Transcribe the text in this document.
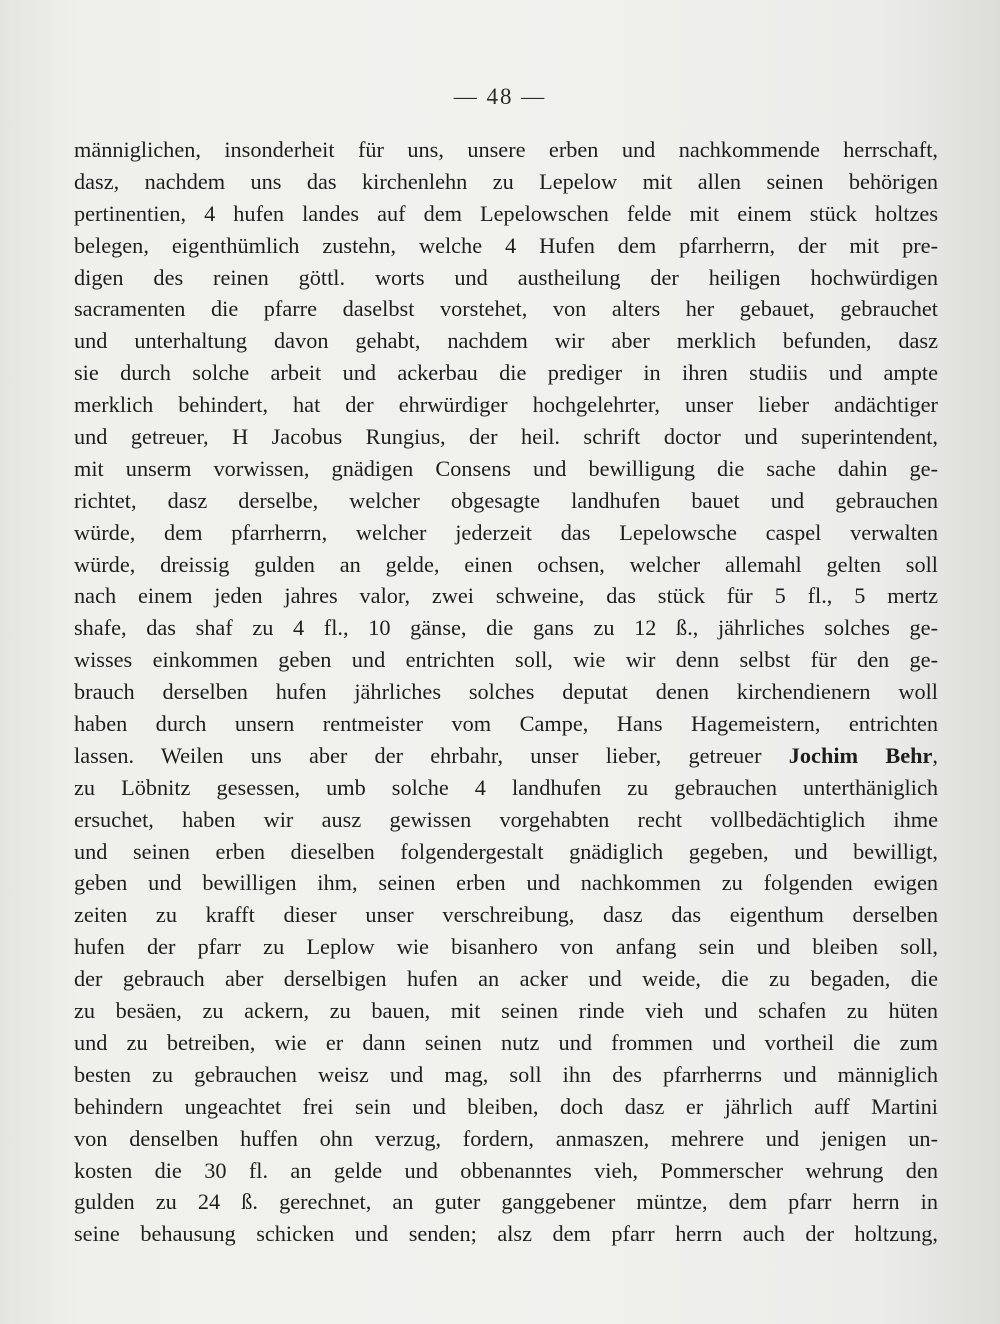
— 48 —
männiglichen, insonderheit für uns, unsere erben und nachkommende herrschaft,
dasz, nachdem uns das kirchenlehn zu Lepelow mit allen seinen behörigen
pertinentien, 4 hufen landes auf dem Lepelowschen felde mit einem stück holtzes
belegen, eigenthümlich zustehn, welche 4 Hufen dem pfarrherrn, der mit pre-
digen des reinen göttl. worts und austheilung der heiligen hochwürdigen
sacramenten die pfarre daselbst vorstehet, von alters her gebauet, gebrauchet
und unterhaltung davon gehabt, nachdem wir aber merklich befunden, dasz
sie durch solche arbeit und ackerbau die prediger in ihren studiis und ampte
merklich behindert, hat der ehrwürdiger hochgelehrter, unser lieber andächtiger
und getreuer, H Jacobus Rungius, der heil. schrift doctor und superintendent,
mit unserm vorwissen, gnädigen Consens und bewilligung die sache dahin ge-
richtet, dasz derselbe, welcher obgesagte landhufen bauet und gebrauchen
würde, dem pfarrherrn, welcher jederzeit das Lepelowsche caspel verwalten
würde, dreissig gulden an gelde, einen ochsen, welcher allemahl gelten soll
nach einem jeden jahres valor, zwei schweine, das stück für 5 fl., 5 mertz
shafe, das shaf zu 4 fl., 10 gänse, die gans zu 12 ß., jährliches solches ge-
wisses einkommen geben und entrichten soll, wie wir denn selbst für den ge-
brauch derselben hufen jährliches solches deputat denen kirchendienern woll
haben durch unsern rentmeister vom Campe, Hans Hagemeistern, entrichten
lassen. Weilen uns aber der ehrbahr, unser lieber, getreuer Jochim Behr,
zu Löbnitz gesessen, umb solche 4 landhufen zu gebrauchen unterthäniglich
ersuchet, haben wir ausz gewissen vorgehabten recht vollbedächtiglich ihme
und seinen erben dieselben folgendergestalt gnädiglich gegeben, und bewilligt,
geben und bewilligen ihm, seinen erben und nachkommen zu folgenden ewigen
zeiten zu krafft dieser unser verschreibung, dasz das eigenthum derselben
hufen der pfarr zu Leplow wie bisanhero von anfang sein und bleiben soll,
der gebrauch aber derselbigen hufen an acker und weide, die zu begaden, die
zu besäen, zu ackern, zu bauen, mit seinen rinde vieh und schafen zu hüten
und zu betreiben, wie er dann seinen nutz und frommen und vortheil die zum
besten zu gebrauchen weisz und mag, soll ihn des pfarrherrns und männiglich
behindern ungeachtet frei sein und bleiben, doch dasz er jährlich auff Martini
von denselben huffen ohn verzug, fordern, anmaszen, mehrere und jenigen un-
kosten die 30 fl. an gelde und obbenanntes vieh, Pommerscher wehrung den
gulden zu 24 ß. gerechnet, an guter ganggebener müntze, dem pfarr herrn in
seine behausung schicken und senden; alsz dem pfarr herrn auch der holtzung,
